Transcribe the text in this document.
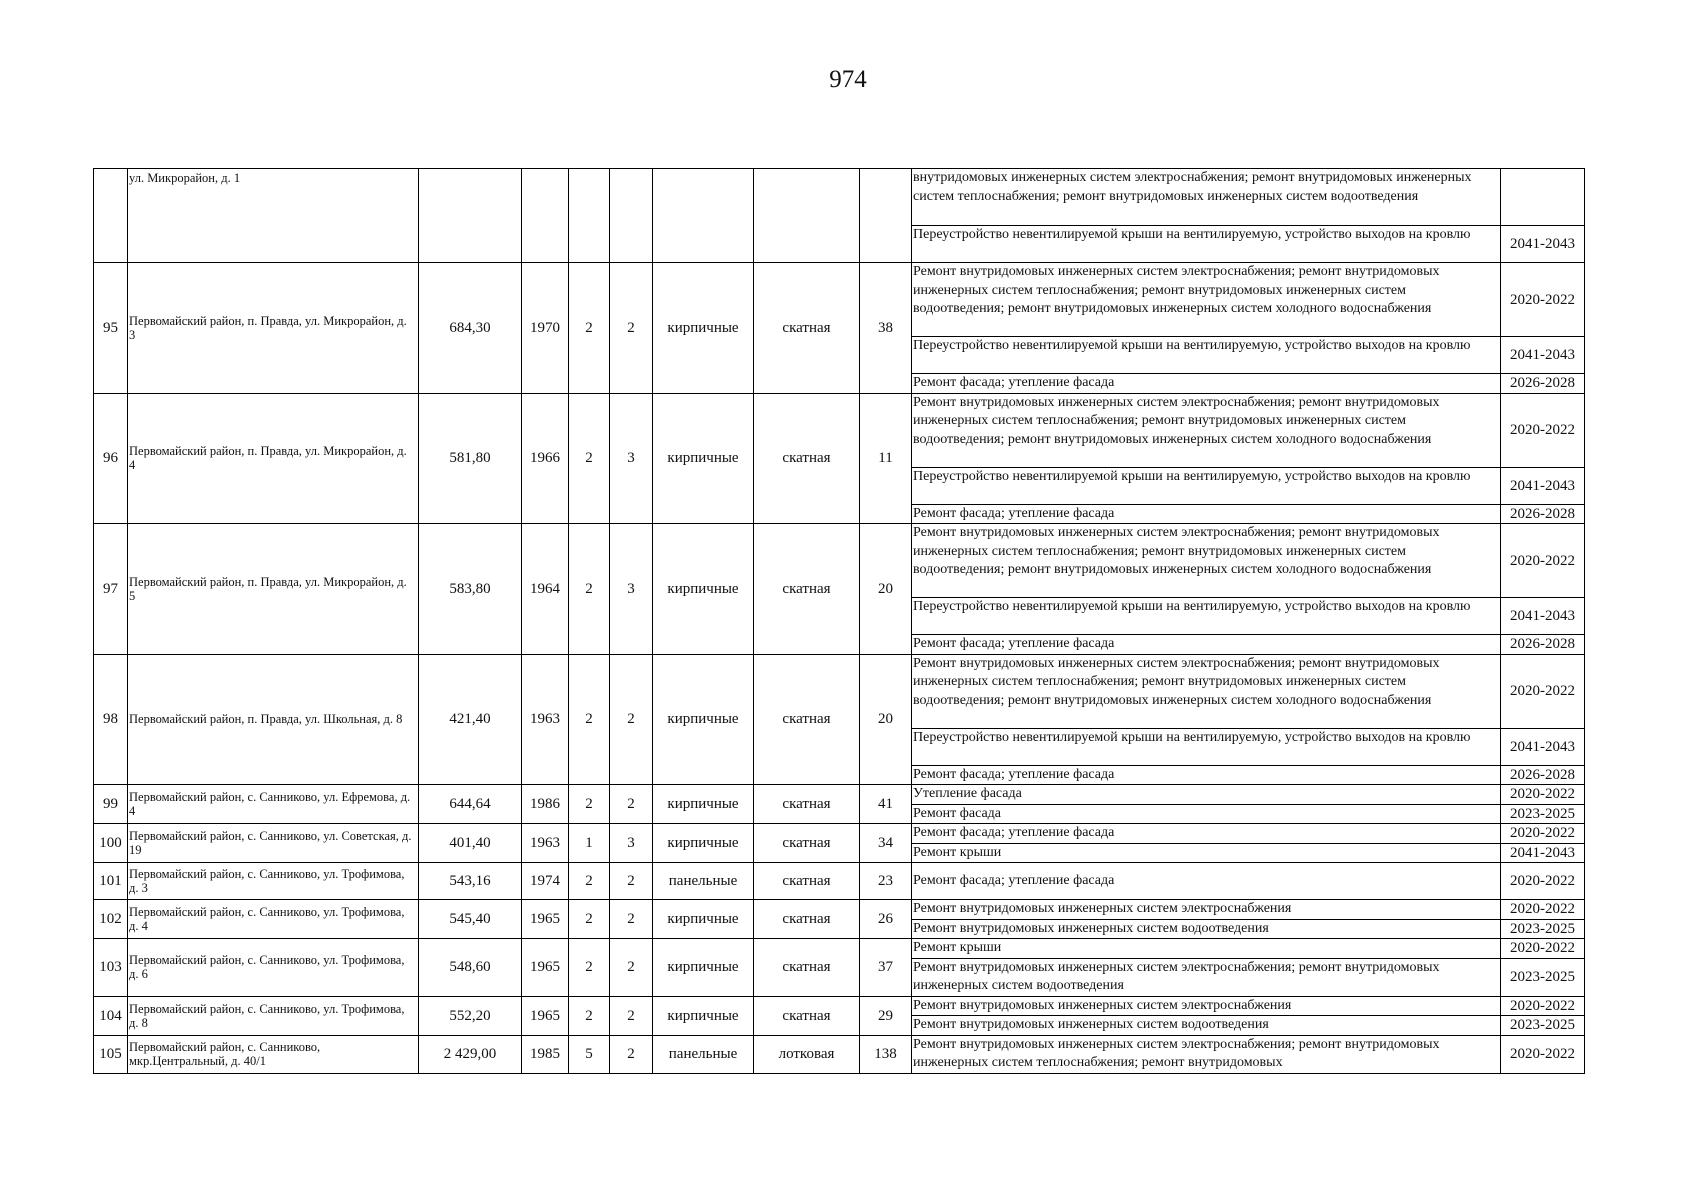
974
	ул. Микрорайон, д. 1								внутридомовых инженерных систем электроснабжения; ремонт внутридомовых инженерных систем теплоснабжения; ремонт внутридомовых инженерных систем водоотведения	
									Переустройство невентилируемой крыши на вентилируемую, устройство выходов на кровлю	2041-2043
95	Первомайский район, п. Правда, ул. Микрорайон, д. 3	684,30	1970	2	2	кирпичные	скатная	38	Ремонт внутридомовых инженерных систем электроснабжения; ремонт внутридомовых инженерных систем теплоснабжения; ремонт внутридомовых инженерных систем водоотведения; ремонт внутридомовых инженерных систем холодного водоснабжения	2020-2022
									Переустройство невентилируемой крыши на вентилируемую, устройство выходов на кровлю	2041-2043
									Ремонт фасада; утепление фасада	2026-2028
96	Первомайский район, п. Правда, ул. Микрорайон, д. 4	581,80	1966	2	3	кирпичные	скатная	11	Ремонт внутридомовых инженерных систем электроснабжения; ремонт внутридомовых инженерных систем теплоснабжения; ремонт внутридомовых инженерных систем водоотведения; ремонт внутридомовых инженерных систем холодного водоснабжения	2020-2022
									Переустройство невентилируемой крыши на вентилируемую, устройство выходов на кровлю	2041-2043
									Ремонт фасада; утепление фасада	2026-2028
97	Первомайский район, п. Правда, ул. Микрорайон, д. 5	583,80	1964	2	3	кирпичные	скатная	20	Ремонт внутридомовых инженерных систем электроснабжения; ремонт внутридомовых инженерных систем теплоснабжения; ремонт внутридомовых инженерных систем водоотведения; ремонт внутридомовых инженерных систем холодного водоснабжения	2020-2022
									Переустройство невентилируемой крыши на вентилируемую, устройство выходов на кровлю	2041-2043
									Ремонт фасада; утепление фасада	2026-2028
98	Первомайский район, п. Правда, ул. Школьная, д. 8	421,40	1963	2	2	кирпичные	скатная	20	Ремонт внутридомовых инженерных систем электроснабжения; ремонт внутридомовых инженерных систем теплоснабжения; ремонт внутридомовых инженерных систем водоотведения; ремонт внутридомовых инженерных систем холодного водоснабжения	2020-2022
									Переустройство невентилируемой крыши на вентилируемую, устройство выходов на кровлю	2041-2043
									Ремонт фасада; утепление фасада	2026-2028
99	Первомайский район, с. Санниково, ул. Ефремова, д. 4	644,64	1986	2	2	кирпичные	скатная	41	Утепление фасада	2020-2022
									Ремонт фасада	2023-2025
100	Первомайский район, с. Санниково, ул. Советская, д. 19	401,40	1963	1	3	кирпичные	скатная	34	Ремонт фасада; утепление фасада	2020-2022
									Ремонт крыши	2041-2043
101	Первомайский район, с. Санниково, ул. Трофимова, д. 3	543,16	1974	2	2	панельные	скатная	23	Ремонт фасада; утепление фасада	2020-2022
102	Первомайский район, с. Санниково, ул. Трофимова, д. 4	545,40	1965	2	2	кирпичные	скатная	26	Ремонт внутридомовых инженерных систем электроснабжения	2020-2022
									Ремонт внутридомовых инженерных систем водоотведения	2023-2025
103	Первомайский район, с. Санниково, ул. Трофимова, д. 6	548,60	1965	2	2	кирпичные	скатная	37	Ремонт крыши	2020-2022
									Ремонт внутридомовых инженерных систем электроснабжения; ремонт внутридомовых инженерных систем водоотведения	2023-2025
104	Первомайский район, с. Санниково, ул. Трофимова, д. 8	552,20	1965	2	2	кирпичные	скатная	29	Ремонт внутридомовых инженерных систем электроснабжения	2020-2022
									Ремонт внутридомовых инженерных систем водоотведения	2023-2025
105	Первомайский район, с. Санниково, мкр.Центральный, д. 40/1	2 429,00	1985	5	2	панельные	лотковая	138	Ремонт внутридомовых инженерных систем электроснабжения; ремонт внутридомовых инженерных систем теплоснабжения; ремонт внутридомовых	2020-2022
